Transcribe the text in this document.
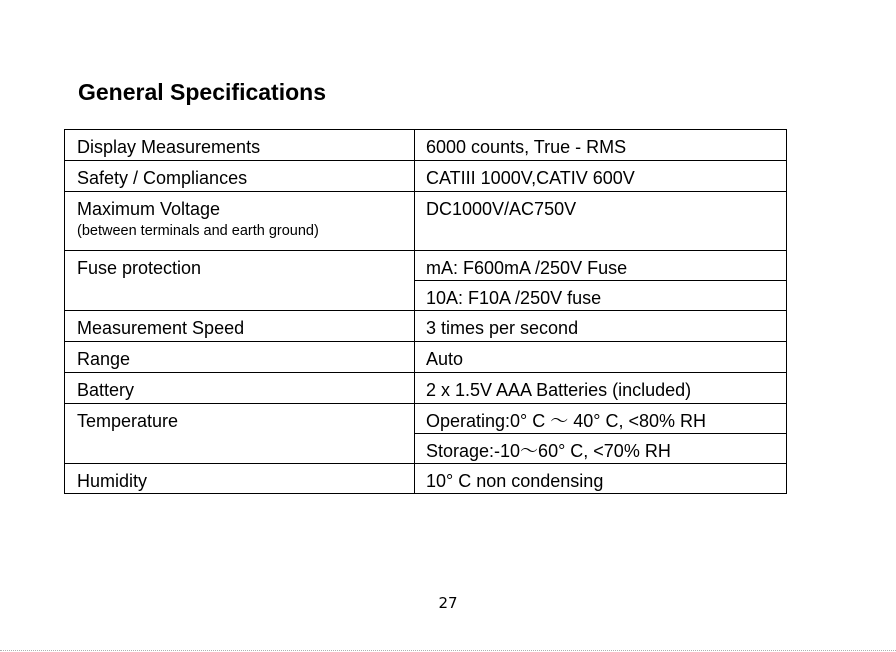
General Specifications
Display Measurements	6000 counts, True - RMS

Safety / Compliances	CATIII 1000V,CATIV 600V

Maximum Voltage
(between terminals and earth ground)	DC1000V/AC750V

Fuse protection	mA: F600mA /250V Fuse

	10A: F10A /250V fuse

Measurement Speed	3 times per second

Range	Auto

Battery	2 x 1.5V AAA Batteries (included)

Temperature	Operating:0° C ～ 40° C, <80% RH

	Storage:-10～60° C, <70% RH

Humidity	10° C non condensing
27
